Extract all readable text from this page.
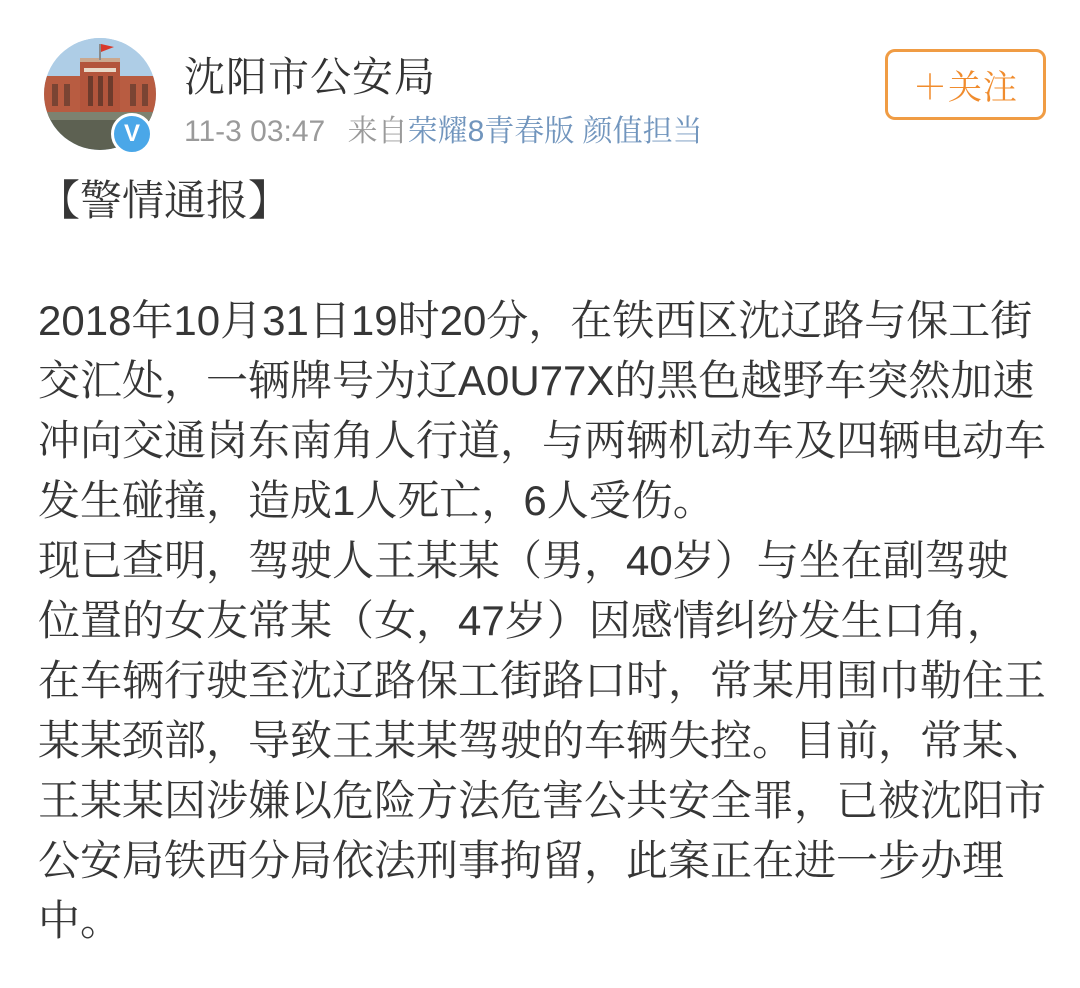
V
沈阳市公安局
11-3 03:47 来自荣耀8青春版 颜值担当
＋关注
【警情通报】
2018年10月31日19时20分，在铁西区沈辽路与保工街
交汇处，一辆牌号为辽A0U77X的黑色越野车突然加速
冲向交通岗东南角人行道，与两辆机动车及四辆电动车
发生碰撞，造成1人死亡，6人受伤。
现已查明，驾驶人王某某（男，40岁）与坐在副驾驶
位置的女友常某（女，47岁）因感情纠纷发生口角，
在车辆行驶至沈辽路保工街路口时，常某用围巾勒住王
某某颈部，导致王某某驾驶的车辆失控。目前，常某、
王某某因涉嫌以危险方法危害公共安全罪，已被沈阳市
公安局铁西分局依法刑事拘留，此案正在进一步办理
中。
